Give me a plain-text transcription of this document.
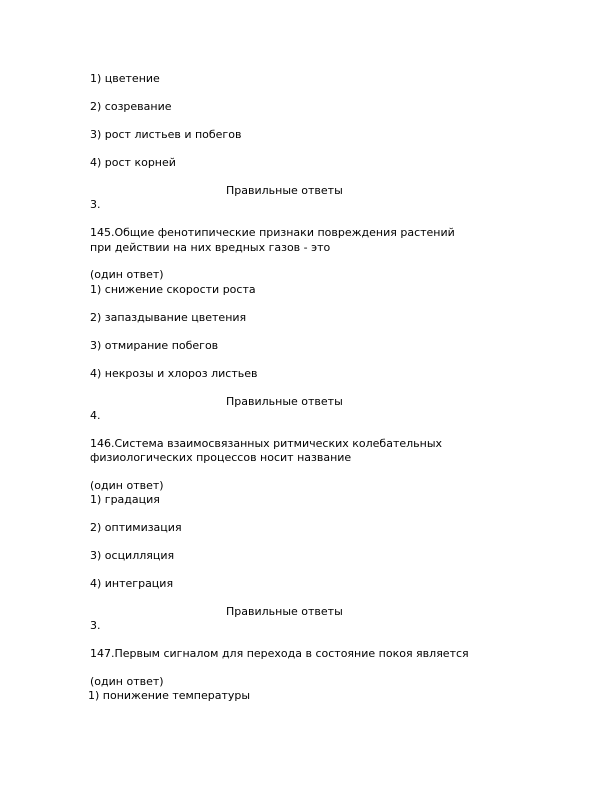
1) цветение
2) созревание
3) рост листьев и побегов
4) рост корней
Правильные ответы
3.
145.Общие фенотипические признаки повреждения растений
при действии на них вредных газов - это
(один ответ)
1) снижение скорости роста
2) запаздывание цветения
3) отмирание побегов
4) некрозы и хлороз листьев
Правильные ответы
4.
146.Система взаимосвязанных ритмических колебательных
физиологических процессов носит название
(один ответ)
1) градация
2) оптимизация
3) осцилляция
4) интеграция
Правильные ответы
3.
147.Первым сигналом для перехода в состояние покоя является
(один ответ)
1) понижение температуры
